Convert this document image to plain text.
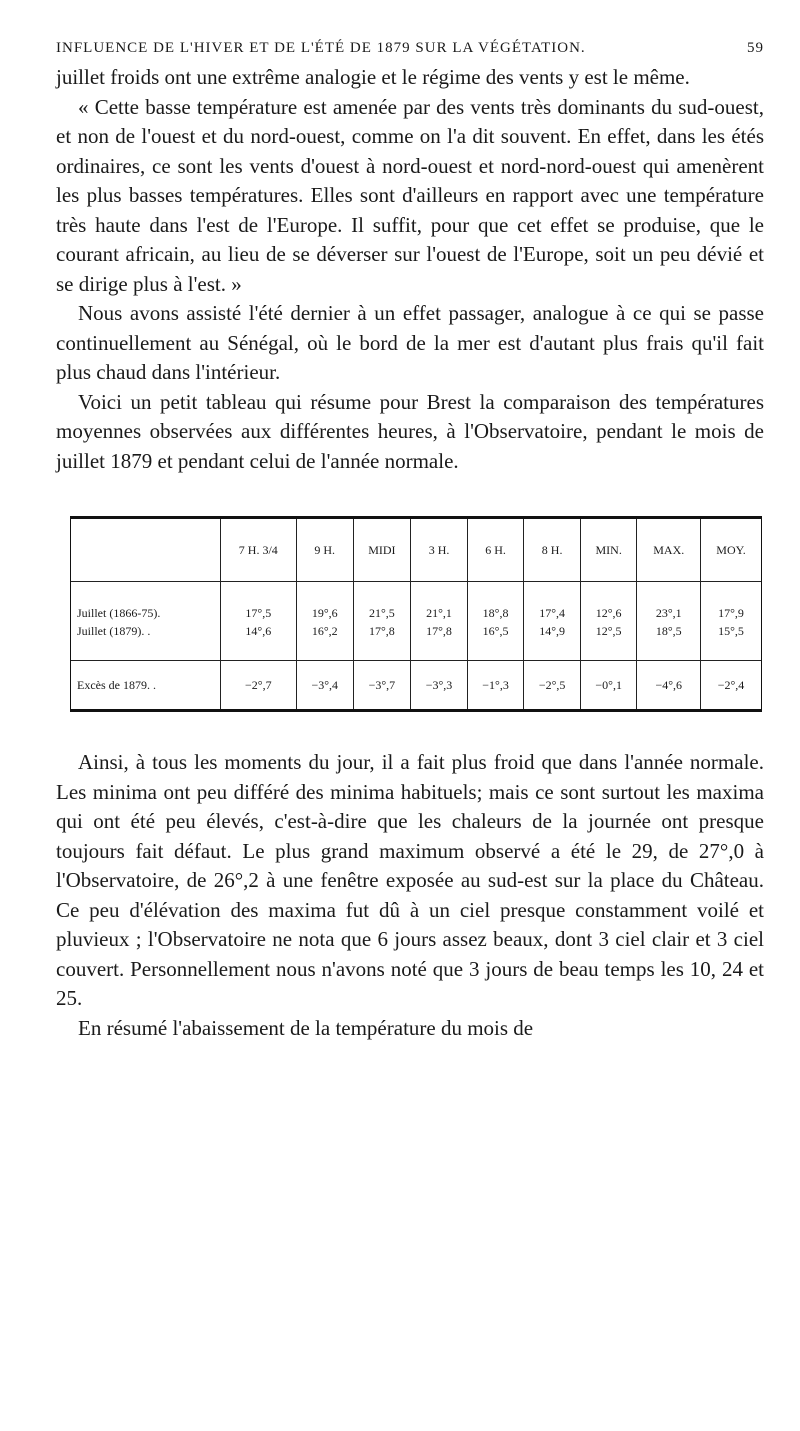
INFLUENCE DE L'HIVER ET DE L'ÉTÉ DE 1879 SUR LA VÉGÉTATION.	59

juillet froids ont une extrême analogie et le régime des vents y est le même.

« Cette basse température est amenée par des vents très dominants du sud-ouest, et non de l'ouest et du nord-ouest, comme on l'a dit souvent. En effet, dans les étés ordinaires, ce sont les vents d'ouest à nord-ouest et nord-nord-ouest qui amenèrent les plus basses températures. Elles sont d'ailleurs en rapport avec une température très haute dans l'est de l'Europe. Il suffit, pour que cet effet se produise, que le courant africain, au lieu de se déverser sur l'ouest de l'Europe, soit un peu dévié et se dirige plus à l'est. »

Nous avons assisté l'été dernier à un effet passager, analogue à ce qui se passe continuellement au Sénégal, où le bord de la mer est d'autant plus frais qu'il fait plus chaud dans l'intérieur.

Voici un petit tableau qui résume pour Brest la comparaison des températures moyennes observées aux différentes heures, à l'Observatoire, pendant le mois de juillet 1879 et pendant celui de l'année normale.

	7 H. 3/4	9 H.	MIDI	3 H.	6 H.	8 H.	MIN.	MAX.	MOY.
Juillet (1866-75).	17°,5	19°,6	21°,5	21°,1	18°,8	17°,4	12°,6	23°,1	17°,9
Juillet (1879). .	14°,6	16°,2	17°,8	17°,8	16°,5	14°,9	12°,5	18°,5	15°,5
Excès de 1879. .	−2°,7	−3°,4	−3°,7	−3°,3	−1°,3	−2°,5	−0°,1	−4°,6	−2°,4

Ainsi, à tous les moments du jour, il a fait plus froid que dans l'année normale. Les minima ont peu différé des minima habituels; mais ce sont surtout les maxima qui ont été peu élevés, c'est-à-dire que les chaleurs de la journée ont presque toujours fait défaut. Le plus grand maximum observé a été le 29, de 27°,0 à l'Observatoire, de 26°,2 à une fenêtre exposée au sud-est sur la place du Château. Ce peu d'élévation des maxima fut dû à un ciel presque constamment voilé et pluvieux ; l'Observatoire ne nota que 6 jours assez beaux, dont 3 ciel clair et 3 ciel couvert. Personnellement nous n'avons noté que 3 jours de beau temps les 10, 24 et 25.

En résumé l'abaissement de la température du mois de
